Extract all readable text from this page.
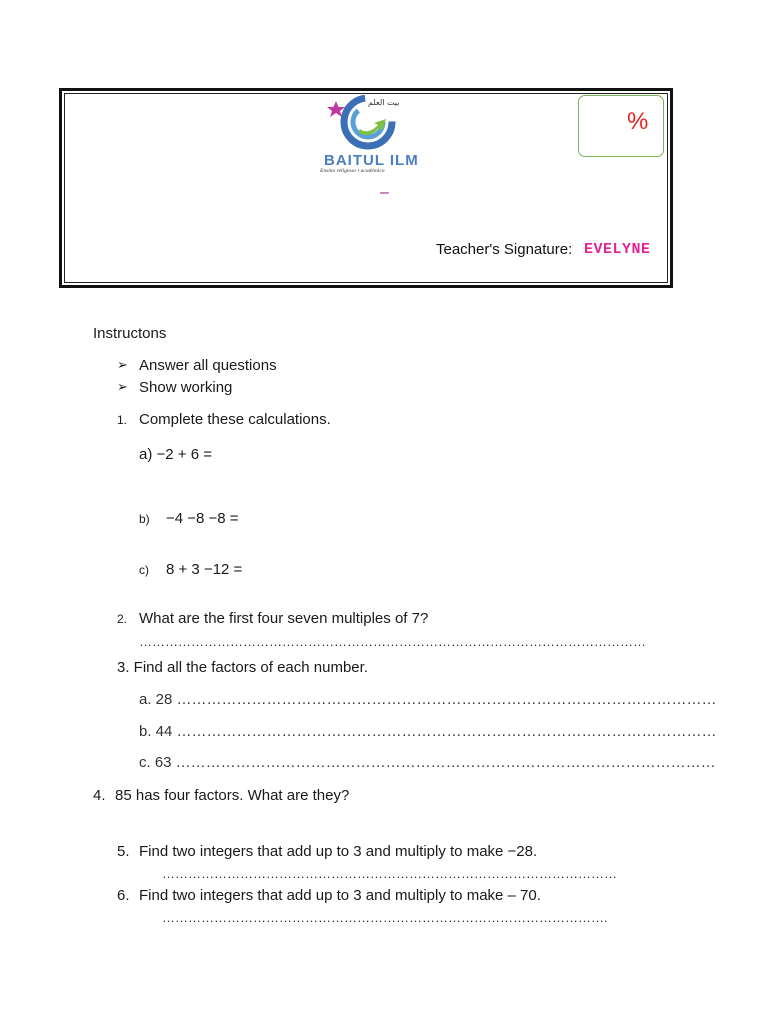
بيت العلم
BAITUL ILM
Ensino religioso • académico
%
–
Teacher's Signature: EVELYNE
Instructons
➢ Answer all questions
➢ Show working
1. Complete these calculations.
a) −2 + 6 =
b) −4 −8 −8 =
c) 8 + 3 −12 =
2. What are the first four seven multiples of 7?
………………………………………………………………………………………………………
3. Find all the factors of each number.
a. 28 ………………………………………………………………………………………………
b. 44 ………………………………………………………………………………………………
c. 63 ………………………………………………………………………………………………
4. 85 has four factors. What are they?
5. Find two integers that add up to 3 and multiply to make −28.
……………………………………………………………………………………………
6. Find two integers that add up to 3 and multiply to make – 70.
………………………………………………………………………………………….
